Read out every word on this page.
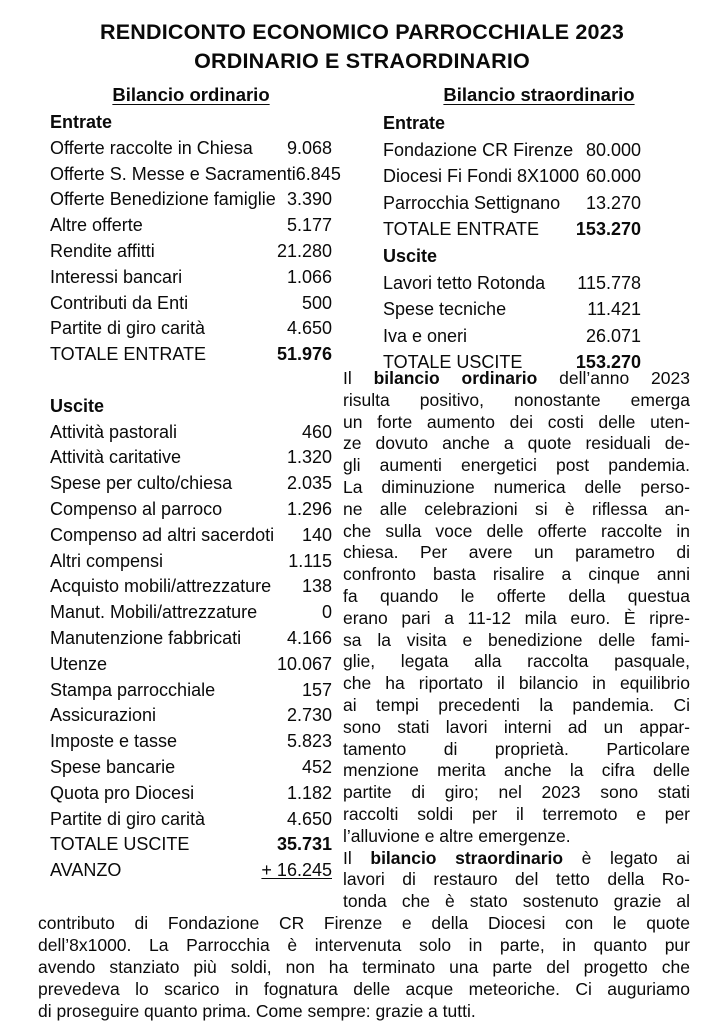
RENDICONTO ECONOMICO PARROCCHIALE 2023
ORDINARIO E STRAORDINARIO
Bilancio ordinario	Bilancio straordinario
Entrate
Offerte raccolte in Chiesa 9.068
Offerte S. Messe e Sacramenti 6.845
Offerte Benedizione famiglie 3.390
Altre offerte	5.177
Rendite affitti	21.280
Interessi bancari	1.066
Contributi da Enti	500
Partite di giro carità	4.650
TOTALE ENTRATE	51.976
Uscite
Attività pastorali	460
Attività caritative	1.320
Spese per culto/chiesa	2.035
Compenso al parroco	1.296
Compenso ad altri sacerdoti 140
Altri compensi	1.115
Acquisto mobili/attrezzature 138
Manut. Mobili/attrezzature	0
Manutenzione fabbricati	4.166
Utenze	10.067
Stampa parrocchiale	157
Assicurazioni	2.730
Imposte e tasse	5.823
Spese bancarie	452
Quota pro Diocesi	1.182
Partite di giro carità	4.650
TOTALE USCITE	35.731
AVANZO	+ 16.245
Entrate
Fondazione CR Firenze 80.000
Diocesi Fi Fondi 8X1000 60.000
Parrocchia Settignano 13.270
TOTALE ENTRATE 153.270
Uscite
Lavori tetto Rotonda 115.778
Spese tecniche	11.421
Iva e oneri	26.071
TOTALE USCITE	153.270
Il bilancio ordinario dell’anno 2023
risulta positivo, nonostante emerga
un forte aumento dei costi delle uten-
ze dovuto anche a quote residuali de-
gli aumenti energetici post pandemia.
La diminuzione numerica delle perso-
ne alle celebrazioni si è riflessa an-
che sulla voce delle offerte raccolte in
chiesa. Per avere un parametro di
confronto basta risalire a cinque anni
fa quando le offerte della questua
erano pari a 11-12 mila euro. È ripre-
sa la visita e benedizione delle fami-
glie, legata alla raccolta pasquale,
che ha riportato il bilancio in equilibrio
ai tempi precedenti la pandemia. Ci
sono stati lavori interni ad un appar-
tamento di proprietà. Particolare
menzione merita anche la cifra delle
partite di giro; nel 2023 sono stati
raccolti soldi per il terremoto e per
l’alluvione e altre emergenze.
Il bilancio straordinario è legato ai
lavori di restauro del tetto della Ro-
tonda che è stato sostenuto grazie al
contributo di Fondazione CR Firenze e della Diocesi con le quote
dell’8x1000. La Parrocchia è intervenuta solo in parte, in quanto pur
avendo stanziato più soldi, non ha terminato una parte del progetto che
prevedeva lo scarico in fognatura delle acque meteoriche. Ci auguriamo
di proseguire quanto prima. Come sempre: grazie a tutti.
